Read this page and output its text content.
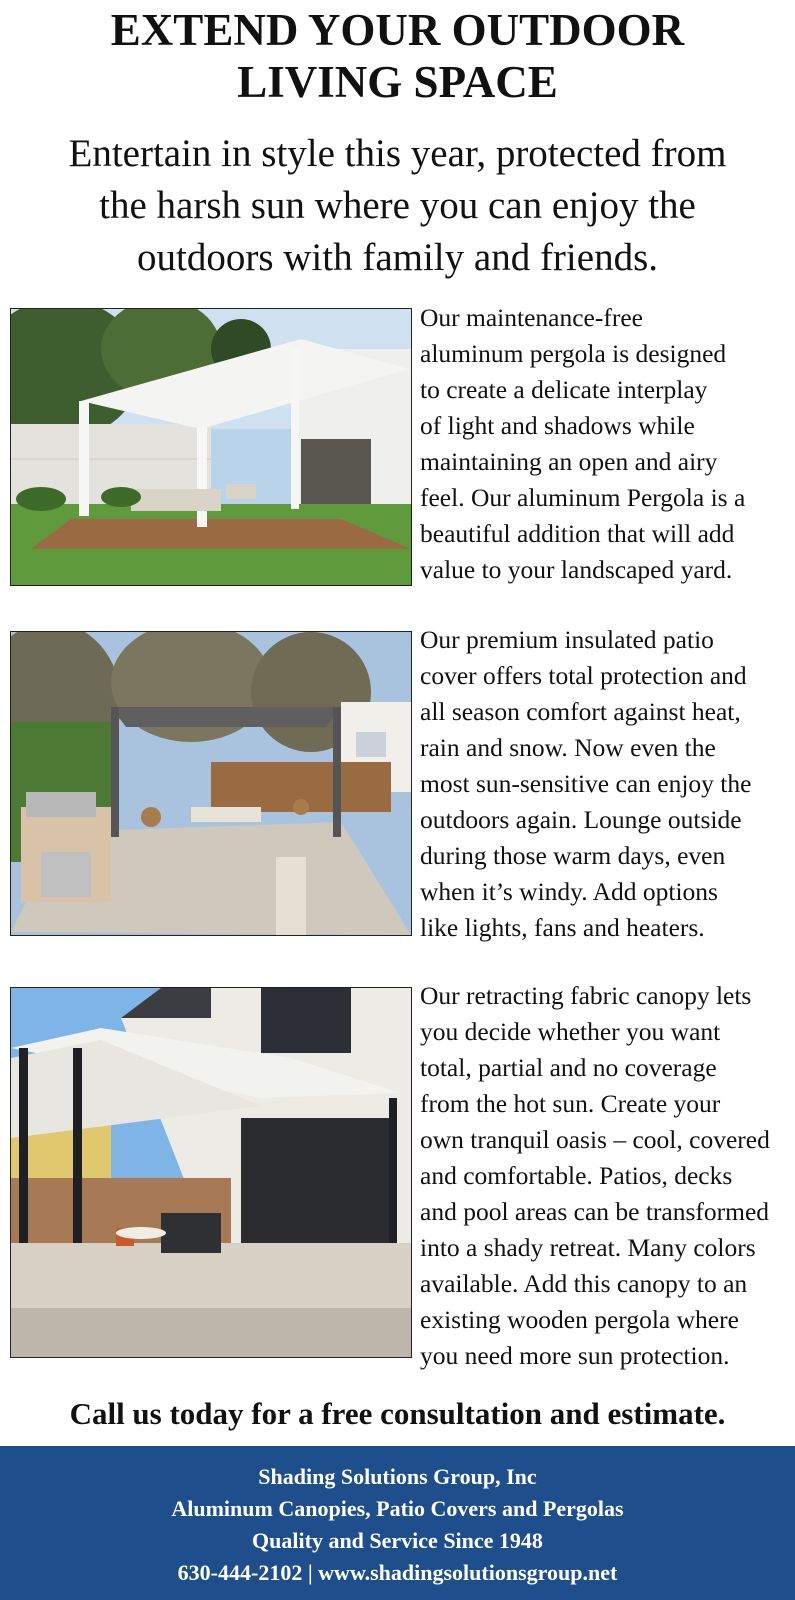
EXTEND YOUR OUTDOOR
LIVING SPACE
Entertain in style this year, protected from
the harsh sun where you can enjoy the
outdoors with family and friends.
Our maintenance-free
aluminum pergola is designed
to create a delicate interplay
of light and shadows while
maintaining an open and airy
feel. Our aluminum Pergola is a
beautiful addition that will add
value to your landscaped yard.
Our premium insulated patio
cover offers total protection and
all season comfort against heat,
rain and snow. Now even the
most sun-sensitive can enjoy the
outdoors again. Lounge outside
during those warm days, even
when it’s windy. Add options
like lights, fans and heaters.
Our retracting fabric canopy lets
you decide whether you want
total, partial and no coverage
from the hot sun. Create your
own tranquil oasis – cool, covered
and comfortable. Patios, decks
and pool areas can be transformed
into a shady retreat. Many colors
available. Add this canopy to an
existing wooden pergola where
you need more sun protection.
Call us today for a free consultation and estimate.
Shading Solutions Group, Inc
Aluminum Canopies, Patio Covers and Pergolas
Quality and Service Since 1948
630-444-2102 | www.shadingsolutionsgroup.net
